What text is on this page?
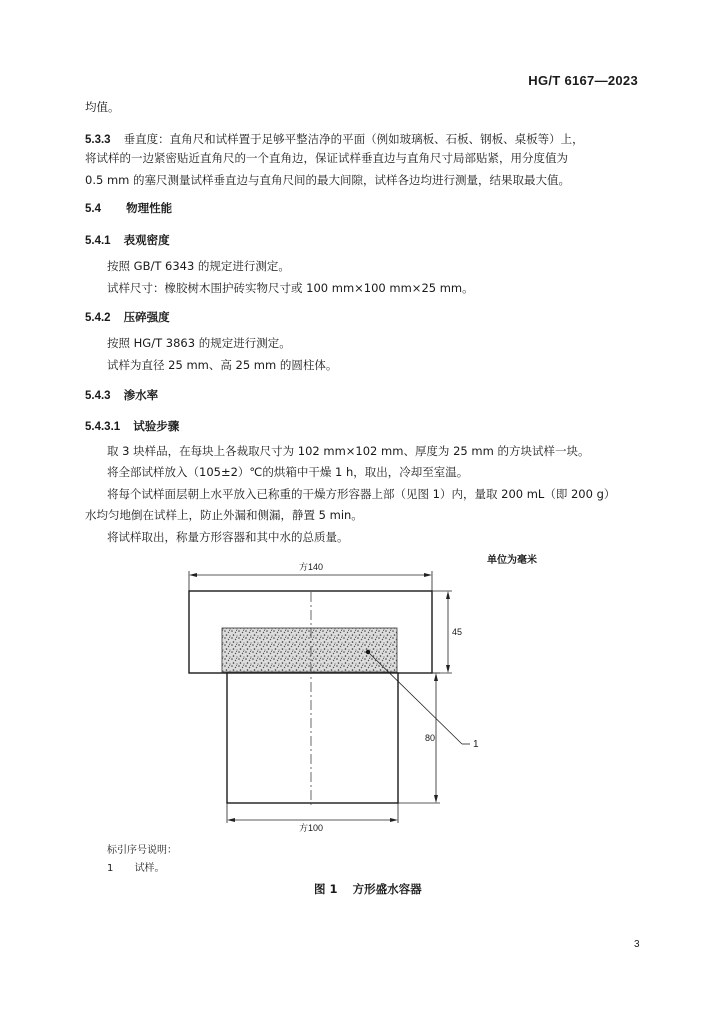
HG/T 6167—2023
均值。
5.3.3 垂直度：直角尺和试样置于足够平整洁净的平面（例如玻璃板、石板、钢板、桌板等）上，
将试样的一边紧密贴近直角尺的一个直角边，保证试样垂直边与直角尺寸局部贴紧，用分度值为
0.5 mm 的塞尺测量试样垂直边与直角尺间的最大间隙，试样各边均进行测量，结果取最大值。
5.4 物理性能
5.4.1 表观密度
按照 GB/T 6343 的规定进行测定。
试样尺寸：橡胶树木围护砖实物尺寸或 100 mm×100 mm×25 mm。
5.4.2 压碎强度
按照 HG/T 3863 的规定进行测定。
试样为直径 25 mm、高 25 mm 的圆柱体。
5.4.3 渗水率
5.4.3.1 试验步骤
取 3 块样品，在每块上各裁取尺寸为 102 mm×102 mm、厚度为 25 mm 的方块试样一块。
将全部试样放入（105±2）℃的烘箱中干燥 1 h，取出，冷却至室温。
将每个试样面层朝上水平放入已称重的干燥方形容器上部（见图 1）内，量取 200 mL（即 200 g）
水均匀地倒在试样上，防止外漏和侧漏，静置 5 min。
将试样取出，称量方形容器和其中水的总质量。
单位为毫米
方140
45
80
方100
1
标引序号说明：
1 试样。
图 1 方形盛水容器
3
